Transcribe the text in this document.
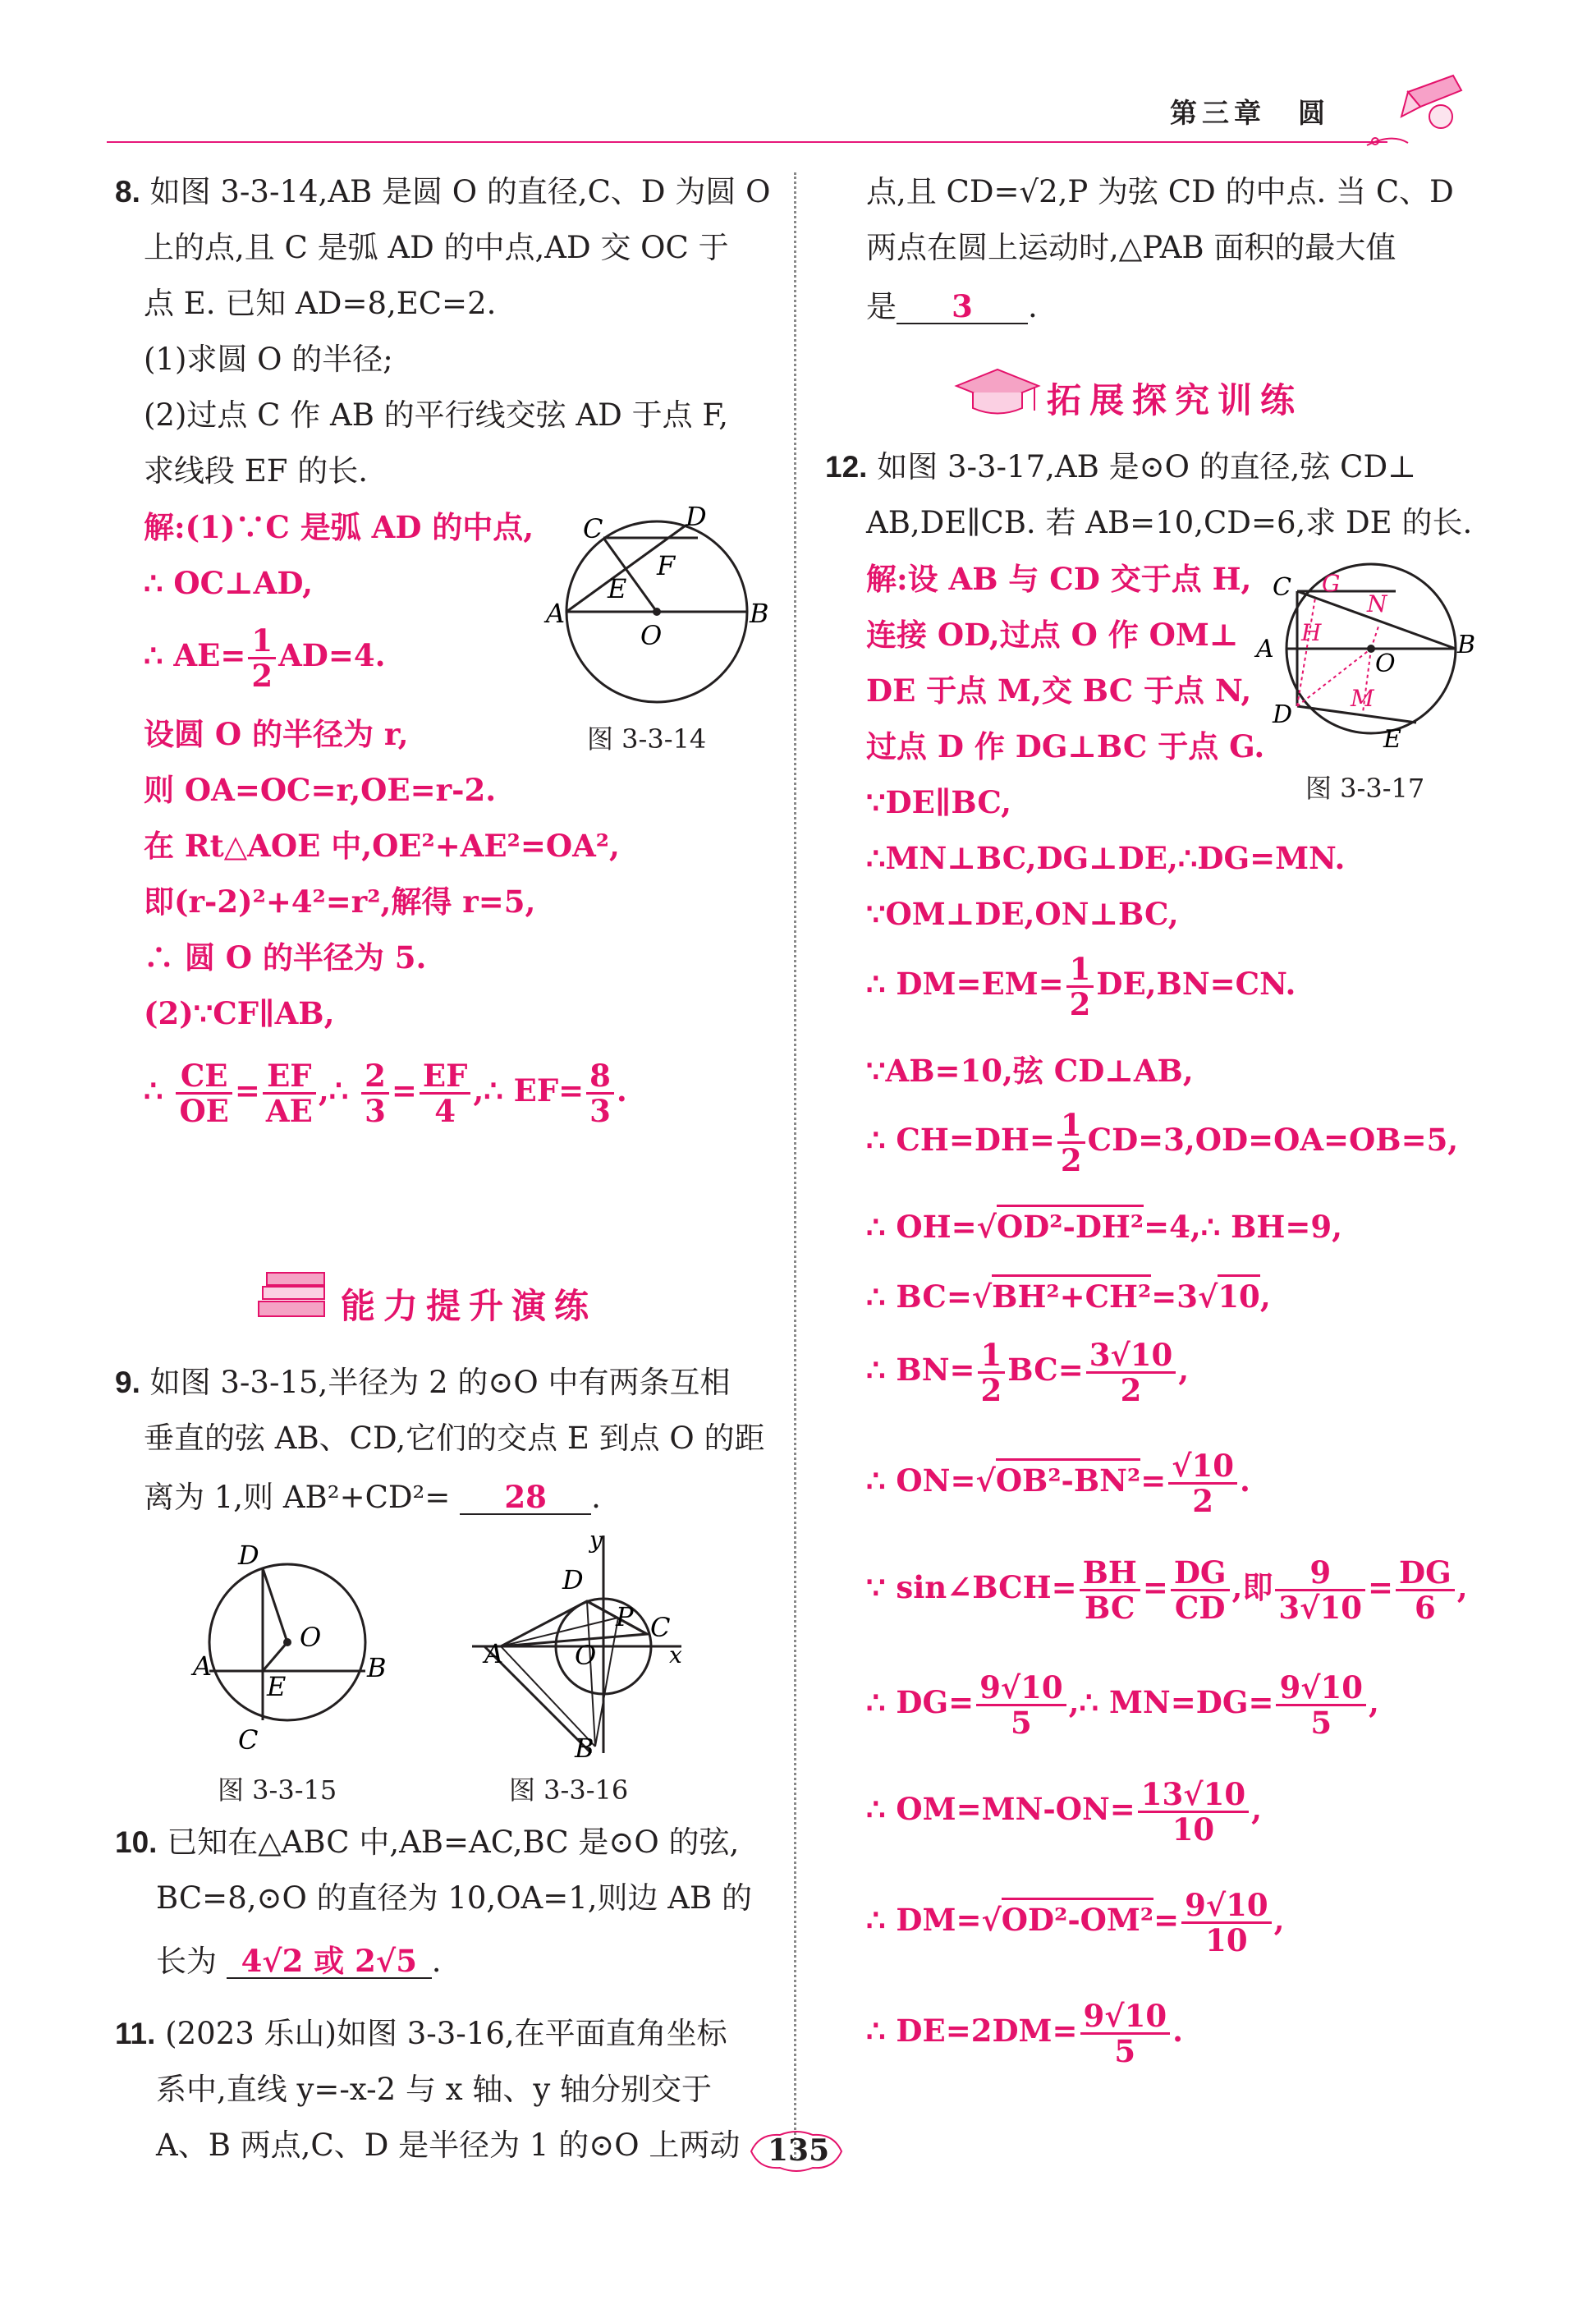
第三章　圆
8. 如图 3-3-14,AB 是圆 O 的直径,C、D 为圆 O
上的点,且 C 是弧 AD 的中点,AD 交 OC 于
点 E. 已知 AD=8,EC=2.
(1)求圆 O 的半径;
(2)过点 C 作 AB 的平行线交弦 AD 于点 F,
求线段 EF 的长.
解:(1)∵C 是弧 AD 的中点,
∴ OC⊥AD,
∴ $AE= \frac{1}{2} AD=4$.
设圆 O 的半径为 r,
则 OA=OC=r,OE=r-2.
在 Rt△AOE 中,OE²+AE²=OA²,
即(r-2)²+4²=r²,解得 r=5,
∴ 圆 O 的半径为 5.
(2)∵CF∥AB,
∴ $\frac{CE}{OE} = \frac{EF}{AE}$ ,∴ $\frac{2}{3} = \frac{EF}{4}$ ,∴ $EF= \frac{8}{3}$ .
9. 如图 3-3-15,半径为 2 的⊙O 中有两条互相
垂直的弦 AB、CD,它们的交点 E 到点 O 的距
离为 1,则 AB²+CD²= 28 .
10. 已知在△ABC 中,AB=AC,BC 是⊙O 的弦,
BC=8,⊙O 的直径为 10,OA=1,则边 AB 的
长为 4√2 或 2√5 .
11. (2023 乐山)如图 3-3-16,在平面直角坐标
系中,直线 y=-x-2 与 x 轴、y 轴分别交于
A、B 两点,C、D 是半径为 1 的⊙O 上两动
C	D
F
E
A
O
B
图 3-3-14
能力提升演练
D
O
A
E
B
C
图 3-3-15
y
D
P C
A	O	x
B
图 3-3-16
点,且 CD=√2,P 为弦 CD 的中点. 当 C、D
两点在圆上运动时,△PAB 面积的最大值
是 3 .
12. 如图 3-3-17,AB 是⊙O 的直径,弦 CD⊥
AB,DE∥CB. 若 AB=10,CD=6,求 DE 的长.
解:设 AB 与 CD 交于点 H,
连接 OD,过点 O 作 OM⊥
DE 于点 M,交 BC 于点 N,
过点 D 作 DG⊥BC 于点 G.
∵DE∥BC,
∴MN⊥BC,DG⊥DE,∴DG=MN.
∵OM⊥DE,ON⊥BC,
∴ $DM=EM= \frac{1}{2} DE,BN=CN$.
∵AB=10,弦 CD⊥AB,
∴ $CH=DH= \frac{1}{2} CD=3,OD=OA=OB=5$,
∴ OH=√OD²-DH²=4,∴ BH=9,
∴ BC=√BH²+CH²=3√10,
∴ $BN= \frac{1}{2} BC= \frac{3√10}{2}$ ,
∴ $ON=√OB^2-BN^2= \frac{√10}{2}$ .
∵ sin∠BCH= $\frac{BH}{BC} = \frac{DG}{CD}$ ,即 $\frac{9}{3√10} = \frac{DG}{6}$ ,
∴ $DG= \frac{9√10}{5}$ ,∴ $MN=DG= \frac{9√10}{5}$ ,
∴ $OM=MN-ON= \frac{13√10}{10}$ ,
∴ $DM=√OD^2-OM^2= \frac{9√10}{10}$ ,
∴ $DE=2DM= \frac{9√10}{5}$ .
拓展探究训练
C G
N
A
H
O
B
D
M
E
图 3-3-17
135
